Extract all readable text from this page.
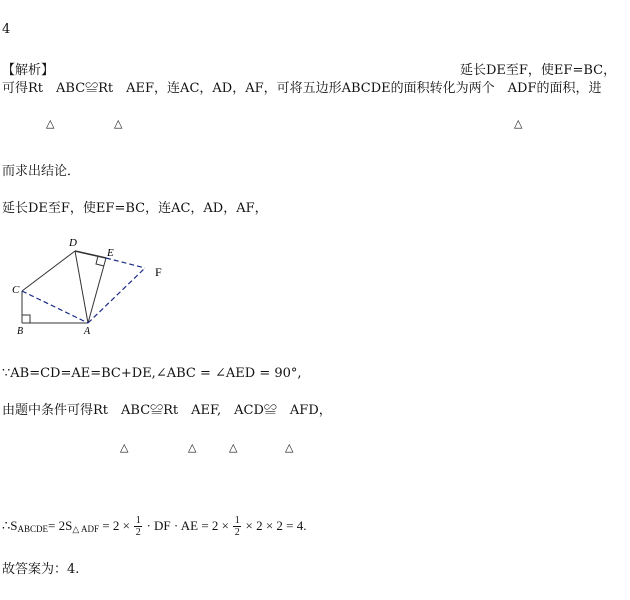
4
【解析】	延长DE至F，使EF=BC，
可得Rt　ABC≌Rt　AEF，连AC，AD，AF，可将五边形ABCDE的面积转化为两个　ADF的面积，进
△	△	△
而求出结论．
延长DE至F，使EF=BC，连AC，AD，AF，
D
E
C
B	A
F
∵AB=CD=AE=BC+DE,∠ABC = ∠AED = 90°,
由题中条件可得Rt　ABC≌Rt　AEF,　ACD≌　AFD，
△	△	△	△
∴S ABCDE = 2S △ ADF = 2 × 1
2 · DF · AE = 2 × 1
2 × 2 × 2 = 4.
故答案为：4.
